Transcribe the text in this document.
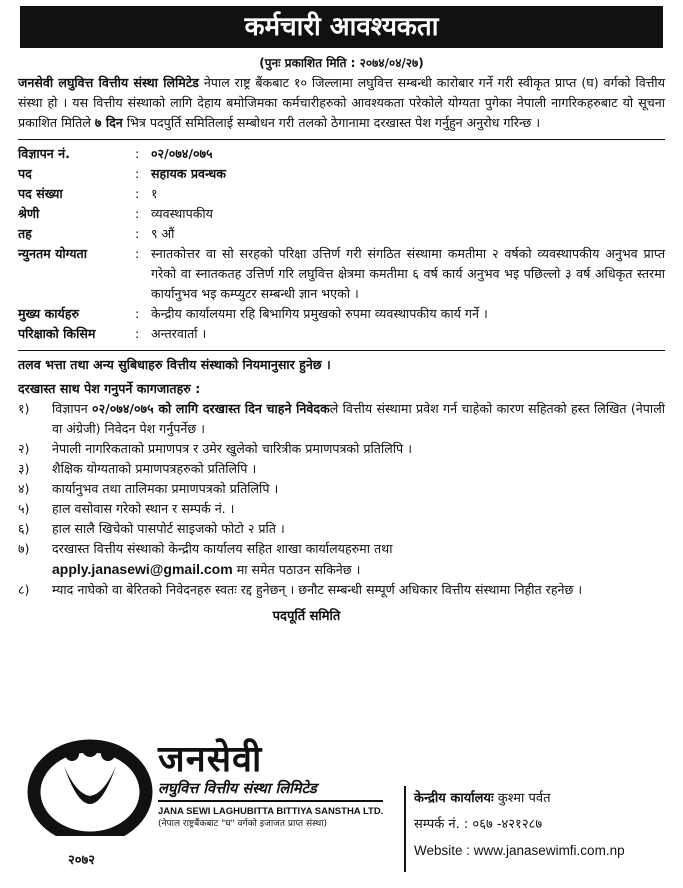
कर्मचारी आवश्यकता
(पुनः प्रकाशित मिति : २०७४/०४/२७)

जनसेवी लघुवित्त वित्तीय संस्था लिमिटेड नेपाल राष्ट्र बैंकबाट १० जिल्लामा लघुवित्त सम्बन्धी कारोबार गर्ने गरी स्वीकृत प्राप्त (घ) वर्गको वित्तीय संस्था हो । यस वित्तीय संस्थाको लागि देहाय बमोजिमका कर्मचारीहरुको आवश्यकता परेकोले योग्यता पुगेका नेपाली नागरिकहरुबाट यो सूचना प्रकाशित मितिले ७ दिन भित्र पदपुर्ति समितिलाई सम्बोधन गरी तलको ठेगानामा दरखास्त पेश गर्नुहुन अनुरोध गरिन्छ ।

विज्ञापन नं.	: ०२/०७४/०७५
पद	: सहायक प्रवन्धक
पद संख्या	: १
श्रेणी	: व्यवस्थापकीय
तह	: ९ औं
न्युनतम योग्यता	: स्नातकोत्तर वा सो सरहको परिक्षा उत्तिर्ण गरी संगठित संस्थामा कमतीमा २ वर्षको व्यवस्थापकीय अनुभव प्राप्त गरेको वा स्नातकतह उत्तिर्ण गरि लघुवित्त क्षेत्रमा कमतीमा ६ वर्ष कार्य अनुभव भइ पछिल्लो ३ वर्ष अधिकृत स्तरमा कार्यानुभव भइ कम्प्युटर सम्बन्धी ज्ञान भएको ।
मुख्य कार्यहरु	: केन्द्रीय कार्यालयमा रहि बिभागिय प्रमुखको रुपमा व्यवस्थापकीय कार्य गर्ने ।
परिक्षाको किसिम	: अन्तरवार्ता ।

तलव भत्ता तथा अन्य सुबिधाहरु वित्तीय संस्थाको नियमानुसार हुनेछ ।

दरखास्त साथ पेश गनुपर्ने कागजातहरु :

१)	विज्ञापन ०२/०७४/०७५ को लागि दरखास्त दिन चाहने निवेदकले वित्तीय संस्थामा प्रवेश गर्न चाहेको कारण सहितको हस्त लिखित (नेपाली वा अंग्रेजी) निवेदन पेश गर्नुपर्नेछ ।
२)	नेपाली नागरिकताको प्रमाणपत्र र उमेर खुलेको चारित्रीक प्रमाणपत्रको प्रतिलिपि ।
३)	शैक्षिक योग्यताको प्रमाणपत्रहरुको प्रतिलिपि ।
४)	कार्यानुभव तथा तालिमका प्रमाणपत्रको प्रतिलिपि ।
५)	हाल वसोवास गरेको स्थान र सम्पर्क नं. ।
६)	हाल सालै खिचेको पासपोर्ट साइजको फोटो २ प्रति ।
७)	दरखास्त वित्तीय संस्थाको केन्द्रीय कार्यालय सहित शाखा कार्यालयहरुमा तथा
apply.janasewi@gmail.com मा समेत पठाउन सकिनेछ ।
८)	म्याद नाघेको वा बेरितको निवेदनहरु स्वतः रद्द हुनेछन् । छनौट सम्बन्धी सम्पूर्ण अधिकार वित्तीय संस्थामा निहीत रहनेछ ।

पदपूर्ति समिति

२०७२
जनसेवी
लघुवित्त वित्तीय संस्था लिमिटेड
JANA SEWI LAGHUBITTA BITTIYA SANSTHA LTD.
(नेपाल राष्ट्रबैंकबाट "घ" वर्गको इजाजत प्राप्त संस्था)
केन्द्रीय कार्यालयः कुश्मा पर्वत
सम्पर्क नं. : ०६७ -४२१२८७
Website : www.janasewimfi.com.np
